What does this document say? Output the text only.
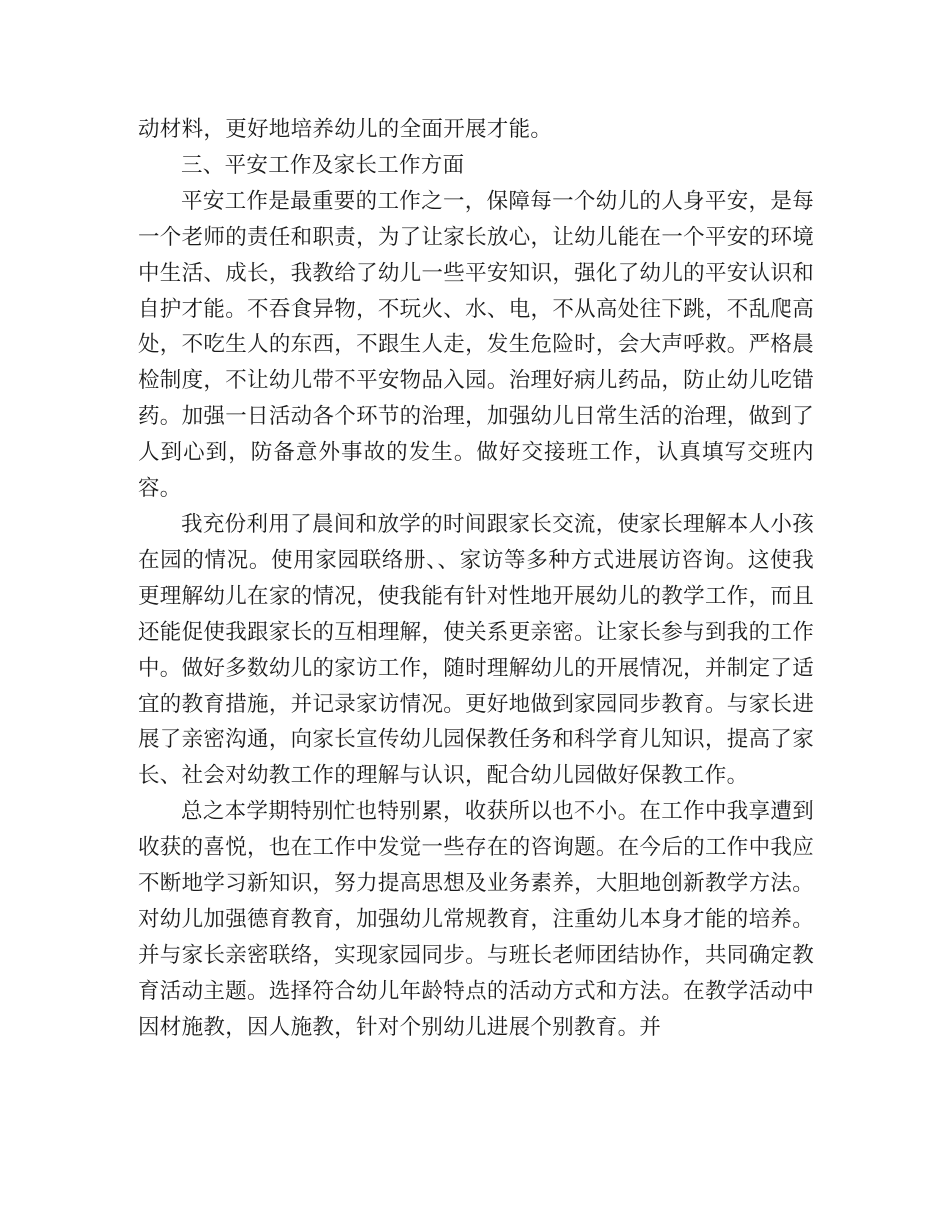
动材料，更好地培养幼儿的全面开展才能。

三、平安工作及家长工作方面

平安工作是最重要的工作之一，保障每一个幼儿的人身平安，是每一个老师的责任和职责，为了让家长放心，让幼儿能在一个平安的环境中生活、成长，我教给了幼儿一些平安知识，强化了幼儿的平安认识和自护才能。不吞食异物，不玩火、水、电，不从高处往下跳，不乱爬高处，不吃生人的东西，不跟生人走，发生危险时，会大声呼救。严格晨检制度，不让幼儿带不平安物品入园。治理好病儿药品，防止幼儿吃错药。加强一日活动各个环节的治理，加强幼儿日常生活的治理，做到了人到心到，防备意外事故的发生。做好交接班工作，认真填写交班内容。

我充份利用了晨间和放学的时间跟家长交流，使家长理解本人小孩在园的情况。使用家园联络册、、家访等多种方式进展访咨询。这使我更理解幼儿在家的情况，使我能有针对性地开展幼儿的教学工作，而且还能促使我跟家长的互相理解，使关系更亲密。让家长参与到我的工作中。做好多数幼儿的家访工作，随时理解幼儿的开展情况，并制定了适宜的教育措施，并记录家访情况。更好地做到家园同步教育。与家长进展了亲密沟通，向家长宣传幼儿园保教任务和科学育儿知识，提高了家长、社会对幼教工作的理解与认识，配合幼儿园做好保教工作。

总之本学期特别忙也特别累，收获所以也不小。在工作中我享遭到收获的喜悦，也在工作中发觉一些存在的咨询题。在今后的工作中我应不断地学习新知识，努力提高思想及业务素养，大胆地创新教学方法。对幼儿加强德育教育，加强幼儿常规教育，注重幼儿本身才能的培养。并与家长亲密联络，实现家园同步。与班长老师团结协作，共同确定教育活动主题。选择符合幼儿年龄特点的活动方式和方法。在教学活动中因材施教，因人施教，针对个别幼儿进展个别教育。并
